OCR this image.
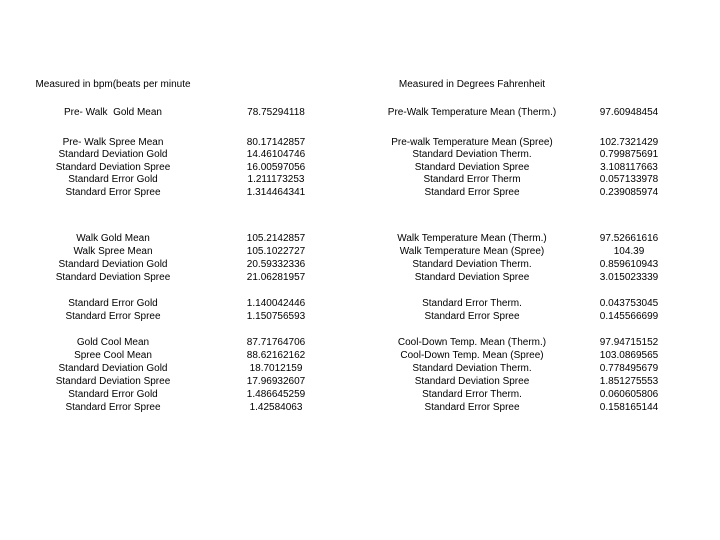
Measured in bpm(beats per minute	Measured in Degrees Fahrenheit
Pre- Walk  Gold Mean	78.75294118	Pre-Walk Temperature Mean (Therm.)	97.60948454
Pre- Walk Spree Mean	80.17142857	Pre-walk Temperature Mean (Spree)	102.7321429
Standard Deviation Gold	14.46104746	Standard Deviation Therm.	0.799875691
Standard Deviation Spree	16.00597056	Standard Deviation Spree	3.108117663
Standard Error Gold	1.211173253	Standard Error Therm	0.057133978
Standard Error Spree	1.314464341	Standard Error Spree	0.239085974
Walk Gold Mean	105.2142857	Walk Temperature Mean (Therm.)	97.52661616
Walk Spree Mean	105.1022727	Walk Temperature Mean (Spree)	104.39
Standard Deviation Gold	20.59332336	Standard Deviation Therm.	0.859610943
Standard Deviation Spree	21.06281957	Standard Deviation Spree	3.015023339
Standard Error Gold	1.140042446	Standard Error Therm.	0.043753045
Standard Error Spree	1.150756593	Standard Error Spree	0.145566699
Gold Cool Mean	87.71764706	Cool-Down Temp. Mean (Therm.)	97.94715152
Spree Cool Mean	88.62162162	Cool-Down Temp. Mean (Spree)	103.0869565
Standard Deviation Gold	18.7012159	Standard Deviation Therm.	0.778495679
Standard Deviation Spree	17.96932607	Standard Deviation Spree	1.851275553
Standard Error Gold	1.486645259	Standard Error Therm.	0.060605806
Standard Error Spree	1.42584063	Standard Error Spree	0.158165144
